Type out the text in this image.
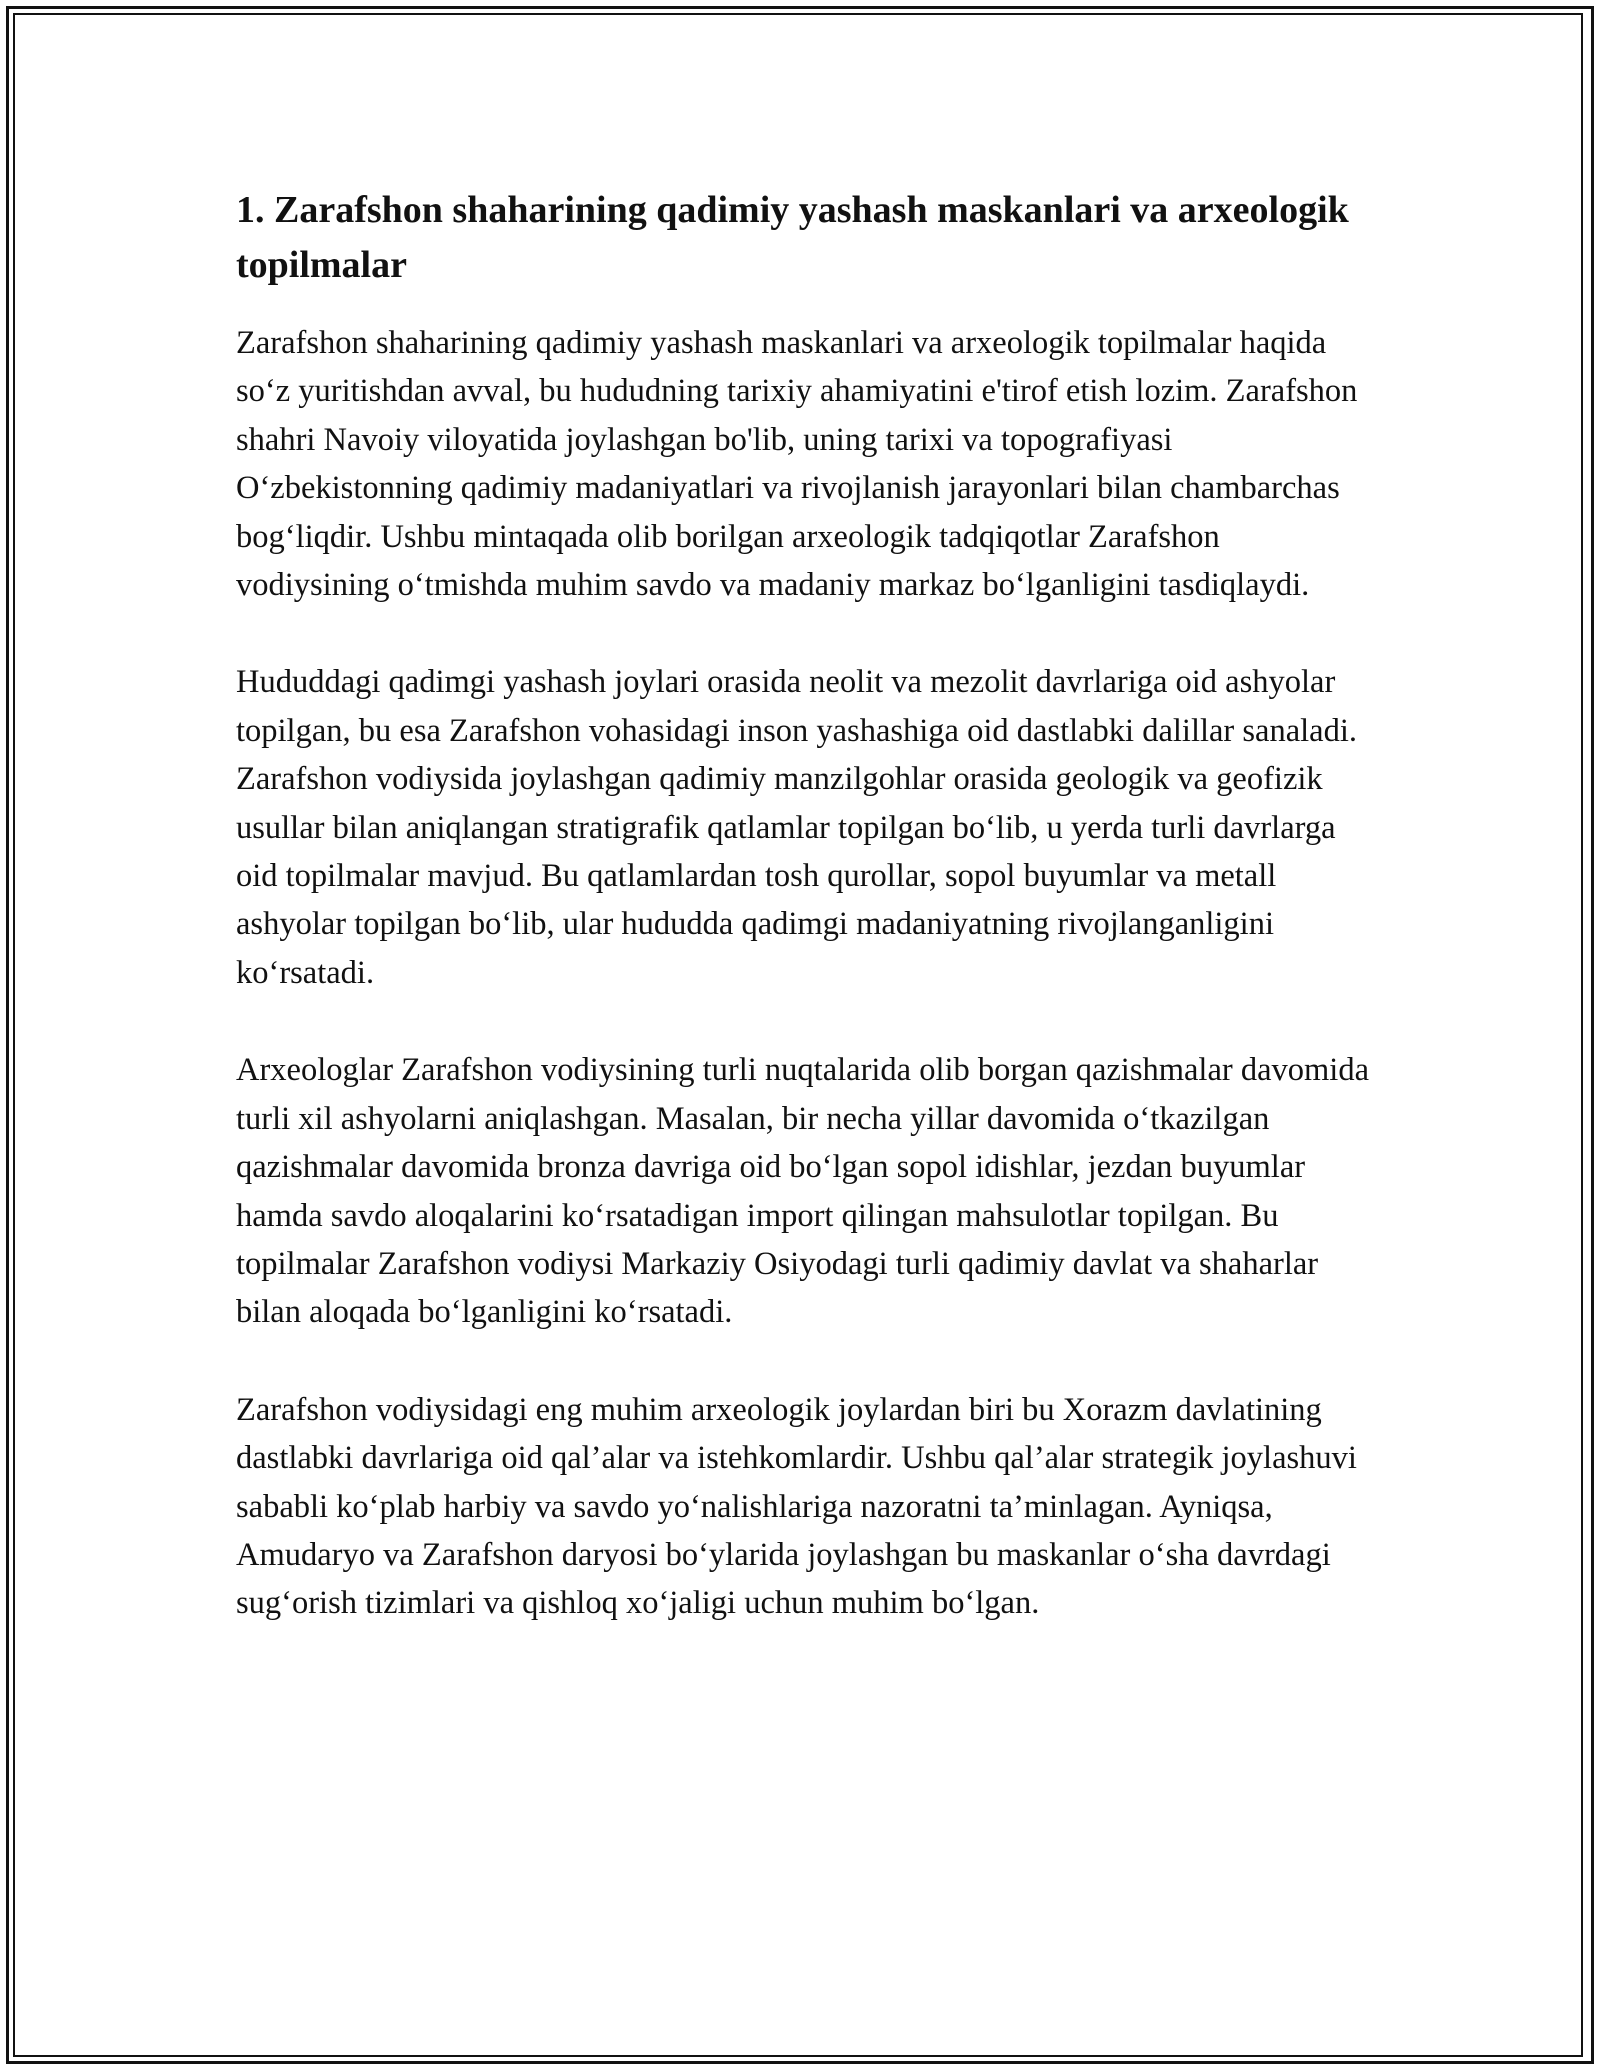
1. Zarafshon shaharining qadimiy yashash maskanlari va arxeologik topilmalar

Zarafshon shaharining qadimiy yashash maskanlari va arxeologik topilmalar haqida so‘z yuritishdan avval, bu hududning tarixiy ahamiyatini e'tirof etish lozim. Zarafshon shahri Navoiy viloyatida joylashgan bo'lib, uning tarixi va topografiyasi O‘zbekistonning qadimiy madaniyatlari va rivojlanish jarayonlari bilan chambarchas bog‘liqdir. Ushbu mintaqada olib borilgan arxeologik tadqiqotlar Zarafshon vodiysining o‘tmishda muhim savdo va madaniy markaz bo‘lganligini tasdiqlaydi.

Hududdagi qadimgi yashash joylari orasida neolit va mezolit davrlariga oid ashyolar topilgan, bu esa Zarafshon vohasidagi inson yashashiga oid dastlabki dalillar sanaladi. Zarafshon vodiysida joylashgan qadimiy manzilgohlar orasida geologik va geofizik usullar bilan aniqlangan stratigrafik qatlamlar topilgan bo‘lib, u yerda turli davrlarga oid topilmalar mavjud. Bu qatlamlardan tosh qurollar, sopol buyumlar va metall ashyolar topilgan bo‘lib, ular hududda qadimgi madaniyatning rivojlanganligini ko‘rsatadi.

Arxeologlar Zarafshon vodiysining turli nuqtalarida olib borgan qazishmalar davomida turli xil ashyolarni aniqlashgan. Masalan, bir necha yillar davomida o‘tkazilgan qazishmalar davomida bronza davriga oid bo‘lgan sopol idishlar, jezdan buyumlar hamda savdo aloqalarini ko‘rsatadigan import qilingan mahsulotlar topilgan. Bu topilmalar Zarafshon vodiysi Markaziy Osiyodagi turli qadimiy davlat va shaharlar bilan aloqada bo‘lganligini ko‘rsatadi.

Zarafshon vodiysidagi eng muhim arxeologik joylardan biri bu Xorazm davlatining dastlabki davrlariga oid qal’alar va istehkomlardir. Ushbu qal’alar strategik joylashuvi sababli ko‘plab harbiy va savdo yo‘nalishlariga nazoratni ta’minlagan. Ayniqsa, Amudaryo va Zarafshon daryosi bo‘ylarida joylashgan bu maskanlar o‘sha davrdagi sug‘orish tizimlari va qishloq xo‘jaligi uchun muhim bo‘lgan.
